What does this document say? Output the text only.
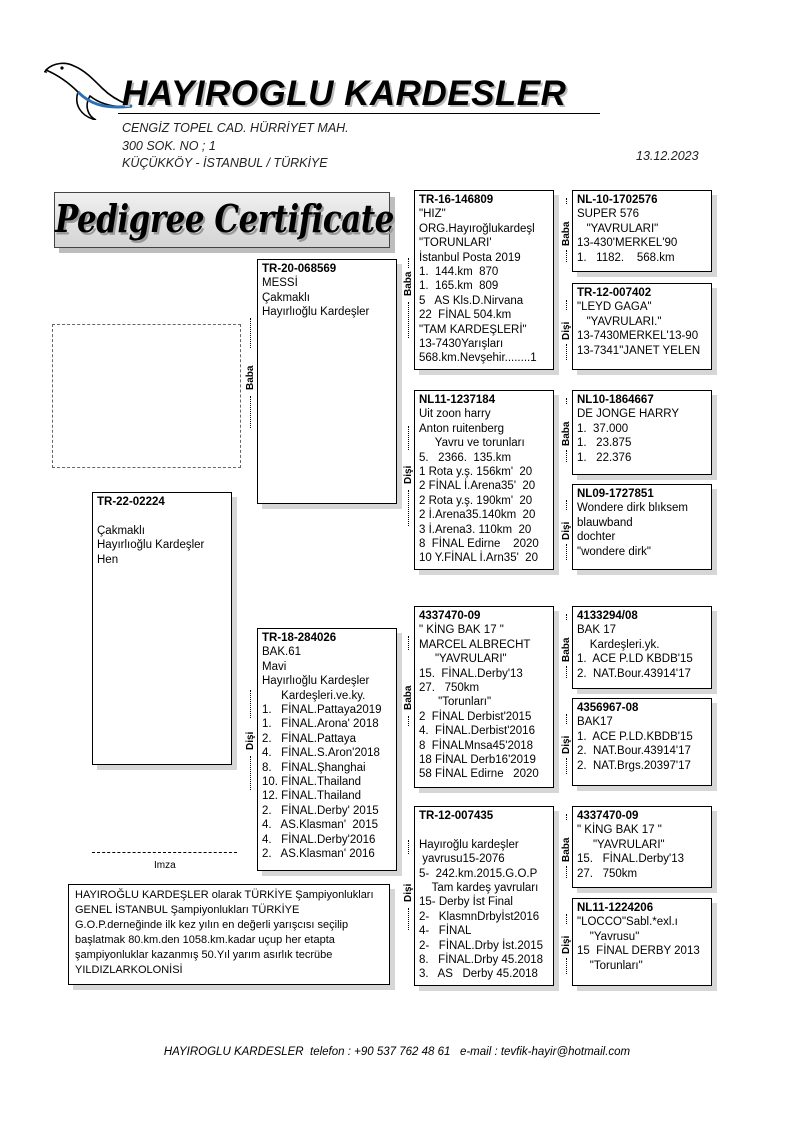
HAYIROGLU KARDESLER
CENGİZ TOPEL CAD. HÜRRİYET MAH.
300 SOK. NO ; 1
KÜÇÜKKÖY - İSTANBUL / TÜRKİYE	13.12.2023
Pedigree Certificate
TR-22-02224

Çakmaklı
Hayırlıoğlu Kardeşler
Hen
Baba
TR-20-068569
MESSİ
Çakmaklı
Hayırlıoğlu Kardeşler
Dişi
TR-18-284026
BAK.61
Mavi
Hayırlıoğlu Kardeşler
Kardeşleri.ve.ky.
1.   FİNAL.Pattaya2019
1.   FİNAL.Arona' 2018
2.   FİNAL.Pattaya
4.   FİNAL.S.Aron'2018
8.   FİNAL.Şhanghai
10. FİNAL.Thailand
12. FİNAL.Thailand
2.   FİNAL.Derby' 2015
4.   AS.Klasman'  2015
4.   FİNAL.Derby'2016
2.   AS.Klasman' 2016
Baba
TR-16-146809
"HIZ"
ORG.Hayıroğlukardeşl
"TORUNLARI'
İstanbul Posta 2019
1.  144.km  870
1.  165.km  809
5   AS Kls.D.Nirvana
22  FİNAL 504.km
"TAM KARDEŞLERİ"
13-7430Yarışları
568.km.Nevşehir........1
Dişi
NL11-1237184
Uit zoon harry
Anton ruitenberg
Yavru ve torunları
5.   2366.  135.km
1 Rota y.ş. 156km'  20
2 FİNAL İ.Arena35'  20
2 Rota y.ş. 190km'  20
2 İ.Arena35.140km  20
3 İ.Arena3. 110km  20
8  FİNAL Edirne    2020
10 Y.FİNAL İ.Arn35'  20
Baba
4337470-09
" KİNG BAK 17 "
MARCEL ALBRECHT
"YAVRULARI"
15.  FİNAL.Derby'13
27.   750km
"Torunları"
2  FİNAL Derbist'2015
4.  FİNAL.Derbist'2016
8  FİNALMnsa45'2018
18 FİNAL Derb16'2019
58 FİNAL Edirne   2020
Dişi
TR-12-007435

Hayıroğlu kardeşler
yavrusu15-2076
5-  242.km.2015.G.O.P
Tam kardeş yavruları
15- Derby İst Final
2-   KlasmnDrbyİst2016
4-   FİNAL
2-   FİNAL.Drby İst.2015
8.   FİNAL.Drby 45.2018
3.   AS   Derby 45.2018
Baba
NL-10-1702576
SUPER 576
"YAVRULARI"
13-430'MERKEL'90
1.   1182.    568.km
Dişi
TR-12-007402
"LEYD GAGA"
"YAVRULARI."
13-7430MERKEL'13-90
13-7341"JANET YELEN
Baba
NL10-1864667
DE JONGE HARRY
1.  37.000
1.   23.875
1.   22.376
Dişi
NL09-1727851
Wondere dirk blıksem
blauwband
dochter
"wondere dirk"
Baba
4133294/08
BAK 17
Kardeşleri.yk.
1.  ACE P.LD KBDB'15
2.  NAT.Bour.43914'17
Dişi
4356967-08
BAK17
1.  ACE P.LD.KBDB'15
2.  NAT.Bour.43914'17
2.  NAT.Brgs.20397'17
Baba
4337470-09
" KİNG BAK 17 "
"YAVRULARI"
15.   FİNAL.Derby'13
27.   750km
Dişi
NL11-1224206
"LOCCO"Sabl.*exl.ı
"Yavrusu"
15  FİNAL DERBY 2013
"Torunları"
Imza
HAYIROĞLU KARDEŞLER olarak TÜRKİYE Şampiyonlukları GENEL İSTANBUL Şampiyonlukları TÜRKİYE G.O.P.derneğinde ilk kez yılın en değerli yarışcısı seçilip başlatmak 80.km.den 1058.km.kadar uçup her etapta şampiyonluklar kazanmış 50.Yıl yarım asırlık tecrübe YILDIZLARKOLONİSİ
HAYIROGLU KARDESLER  telefon : +90 537 762 48 61   e-mail : tevfik-hayir@hotmail.com
